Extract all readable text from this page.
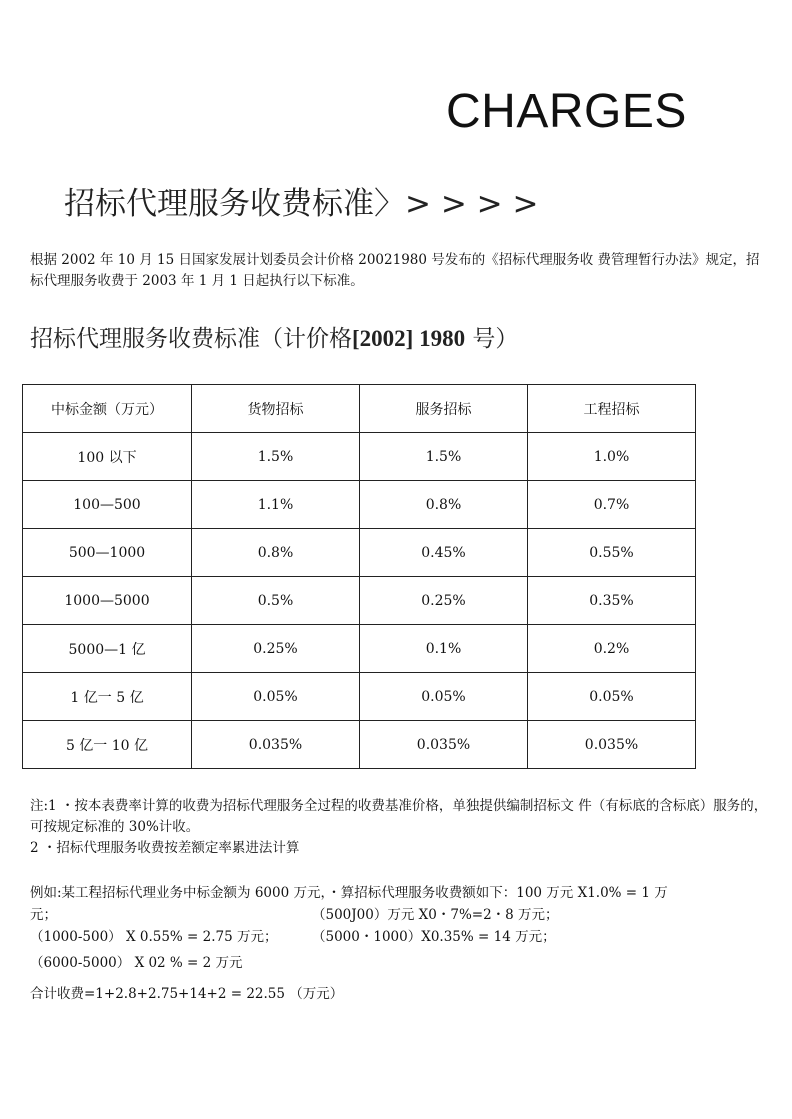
CHARGES
招标代理服务收费标准〉> > > >
根据 2002 年 10 月 15 日国家发展计划委员会计价格 20021980 号发布的《招标代理服务收 费管理暂行办法》规定，招标代理服务收费于 2003 年 1 月 1 日起执行以下标准。
招标代理服务收费标准（计价格[2002] 1980 号）
中标金额（万元）	货物招标	服务招标	工程招标
100 以下	1.5%	1.5%	1.0%
100—500	1.1%	0.8%	0.7%
500—1000	0.8%	0.45%	0.55%
1000—5000	0.5%	0.25%	0.35%
5000—1 亿	0.25%	0.1%	0.2%
1 亿一 5 亿	0.05%	0.05%	0.05%
5 亿一 10 亿	0.035%	0.035%	0.035%
注:1 ・按本表费率计算的收费为招标代理服务全过程的收费基准价格，单独提供编制招标文 件（有标底的含标底）服务的，可按规定标准的 30%计收。
2 ・招标代理服务收费按差额定率累进法计算
例如:某工程招标代理业务中标金额为 6000 万元，・算招标代理服务收费额如下：100 万元 X1.0% = 1 万
元；	（500J00）万元 X0・7%=2・8 万元；
（1000-500） X 0.55% = 2.75 万元；	（5000・1000）X0.35% = 14 万元；
（6000-5000） X 02 % = 2 万元
合计收费=1+2.8+2.75+14+2 = 22.55 （万元）
